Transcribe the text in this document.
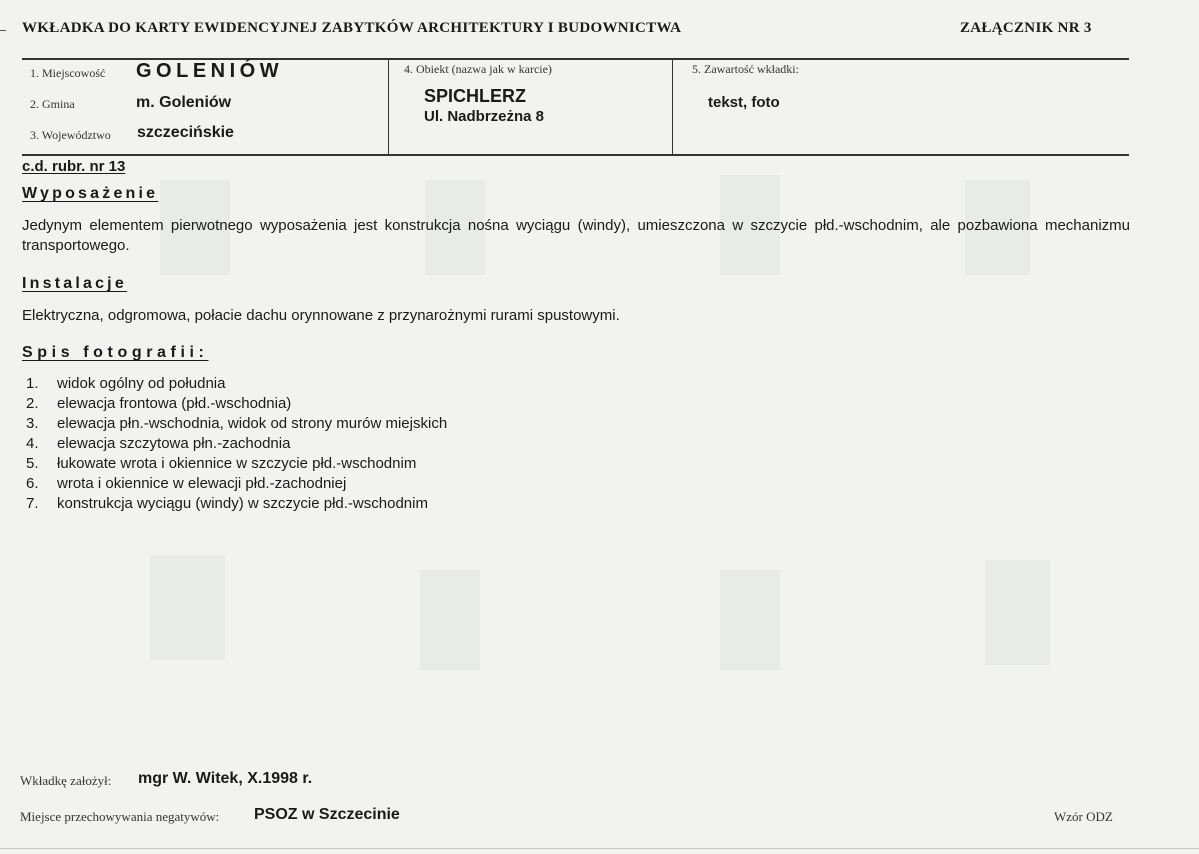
WKŁADKA DO KARTY EWIDENCYJNEJ ZABYTKÓW ARCHITEKTURY I BUDOWNICTWA	ZAŁĄCZNIK NR 3
1. Miejscowość GOLENIÓW
2. Gmina	m. Goleniów
3. Województwo szczecińskie
4. Obiekt (nazwa jak w karcie)
SPICHLERZ
Ul. Nadbrzeżna 8
5. Zawartość wkładki:
tekst, foto
c.d. rubr. nr 13
Wyposażenie
Jedynym elementem pierwotnego wyposażenia jest konstrukcja nośna wyciągu (windy), umieszczona w szczycie płd.-wschodnim, ale pozbawiona mechanizmu transportowego.
Instalacje
Elektryczna, odgromowa, połacie dachu orynnowane z przynarożnymi rurami spustowymi.
Spis fotografii:
1.	widok ogólny od południa
2.	elewacja frontowa (płd.-wschodnia)
3.	elewacja płn.-wschodnia, widok od strony murów miejskich
4.	elewacja szczytowa płn.-zachodnia
5.	łukowate wrota i okiennice w szczycie płd.-wschodnim
6.	wrota i okiennice w elewacji płd.-zachodniej
7.	konstrukcja wyciągu (windy) w szczycie płd.-wschodnim
Wkładkę założył: mgr W. Witek, X.1998 r.
Miejsce przechowywania negatywów: PSOZ w Szczecinie	Wzór ODZ
